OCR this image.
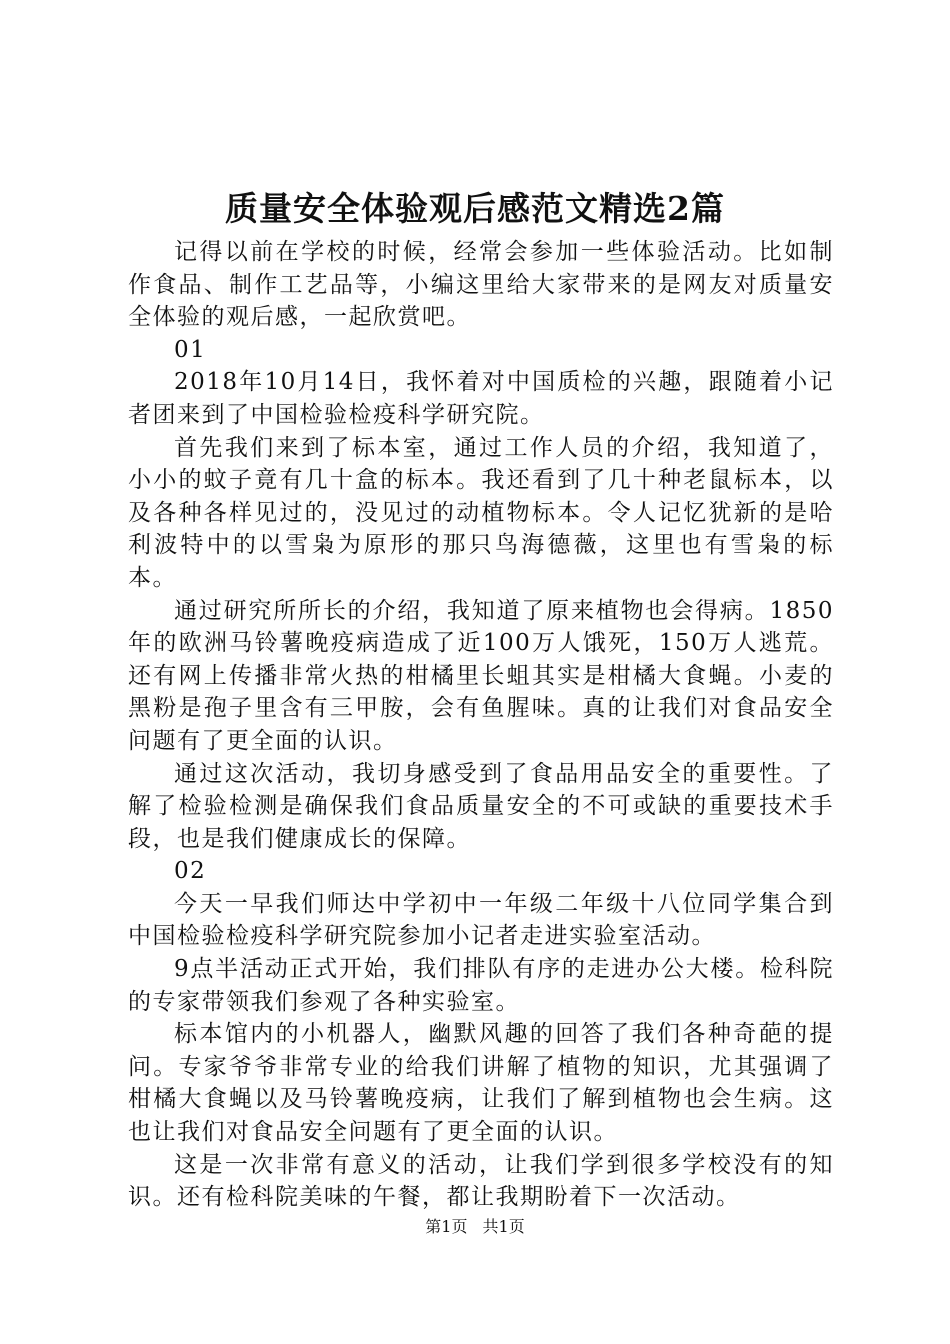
质量安全体验观后感范文精选2篇

记得以前在学校的时候，经常会参加一些体验活动。比如制作食品、制作工艺品等，小编这里给大家带来的是网友对质量安全体验的观后感，一起欣赏吧。

01

2018年10月14日，我怀着对中国质检的兴趣，跟随着小记者团来到了中国检验检疫科学研究院。

首先我们来到了标本室，通过工作人员的介绍，我知道了，小小的蚊子竟有几十盒的标本。我还看到了几十种老鼠标本，以及各种各样见过的，没见过的动植物标本。令人记忆犹新的是哈利波特中的以雪枭为原形的那只鸟海德薇，这里也有雪枭的标本。

通过研究所所长的介绍，我知道了原来植物也会得病。1850年的欧洲马铃薯晚疫病造成了近100万人饿死，150万人逃荒。还有网上传播非常火热的柑橘里长蛆其实是柑橘大食蝇。小麦的黑粉是孢子里含有三甲胺，会有鱼腥味。真的让我们对食品安全问题有了更全面的认识。

通过这次活动，我切身感受到了食品用品安全的重要性。了解了检验检测是确保我们食品质量安全的不可或缺的重要技术手段，也是我们健康成长的保障。

02

今天一早我们师达中学初中一年级二年级十八位同学集合到中国检验检疫科学研究院参加小记者走进实验室活动。

9点半活动正式开始，我们排队有序的走进办公大楼。检科院的专家带领我们参观了各种实验室。

标本馆内的小机器人，幽默风趣的回答了我们各种奇葩的提问。专家爷爷非常专业的给我们讲解了植物的知识，尤其强调了柑橘大食蝇以及马铃薯晚疫病，让我们了解到植物也会生病。这也让我们对食品安全问题有了更全面的认识。

这是一次非常有意义的活动，让我们学到很多学校没有的知识。还有检科院美味的午餐，都让我期盼着下一次活动。

第1页 共1页
